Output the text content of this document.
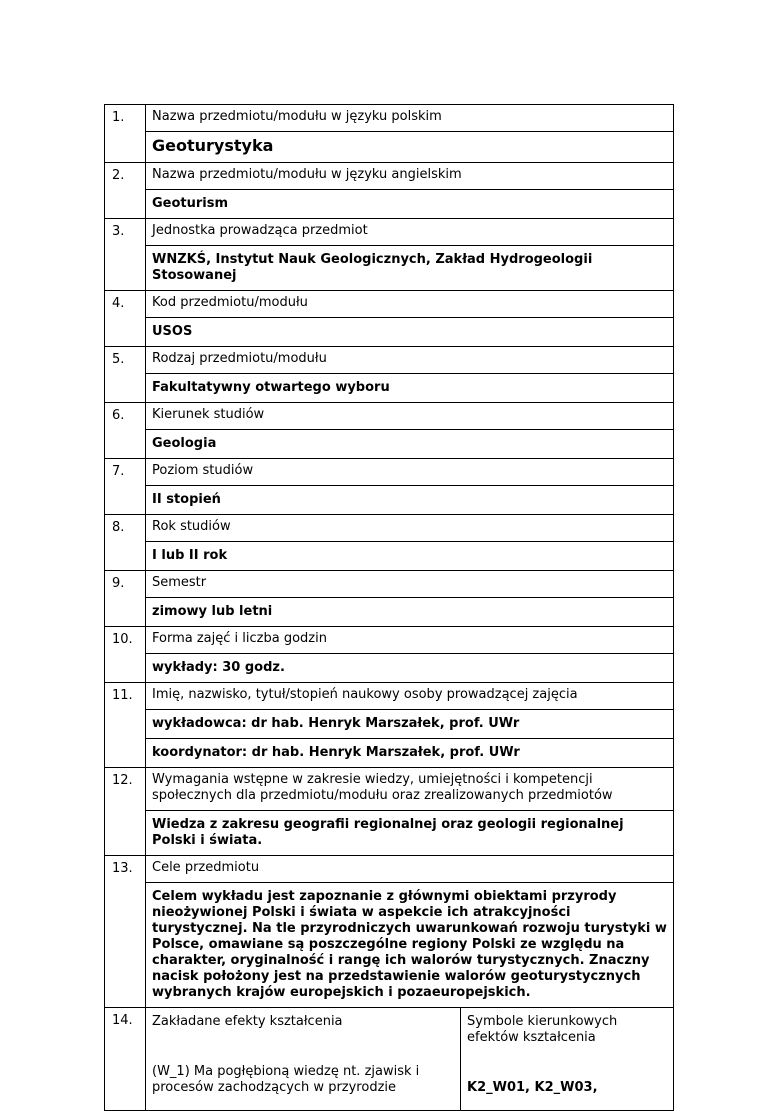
1.	Nazwa przedmiotu/modułu w języku polskim
Geoturystyka

2.	Nazwa przedmiotu/modułu w języku angielskim
Geoturism

3.	Jednostka prowadząca przedmiot
WNZKŚ, Instytut Nauk Geologicznych, Zakład Hydrogeologii Stosowanej

4.	Kod przedmiotu/modułu
USOS

5.	Rodzaj przedmiotu/modułu
Fakultatywny otwartego wyboru

6.	Kierunek studiów
Geologia

7.	Poziom studiów
II stopień

8.	Rok studiów
I lub II rok

9.	Semestr
zimowy lub letni

10.	Forma zajęć i liczba godzin
wykłady: 30 godz.

11.	Imię, nazwisko, tytuł/stopień naukowy osoby prowadzącej zajęcia
wykładowca: dr hab. Henryk Marszałek, prof. UWr
koordynator: dr hab. Henryk Marszałek, prof. UWr

12.	Wymagania wstępne w zakresie wiedzy, umiejętności i kompetencji społecznych dla przedmiotu/modułu oraz zrealizowanych przedmiotów
Wiedza z zakresu geografii regionalnej oraz geologii regionalnej Polski i świata.

13.	Cele przedmiotu
Celem wykładu jest zapoznanie z głównymi obiektami przyrody nieożywionej Polski i świata w aspekcie ich atrakcyjności turystycznej. Na tle przyrodniczych uwarunkowań rozwoju turystyki w Polsce, omawiane są poszczególne regiony Polski ze względu na charakter, oryginalność i rangę ich walorów turystycznych. Znaczny nacisk położony jest na przedstawienie walorów geoturystycznych wybranych krajów europejskich i pozaeuropejskich.

14.	Zakładane efekty kształcenia	Symbole kierunkowych efektów kształcenia
(W_1) Ma pogłębioną wiedzę nt. zjawisk i procesów zachodzących w przyrodzie	K2_W01, K2_W03,
